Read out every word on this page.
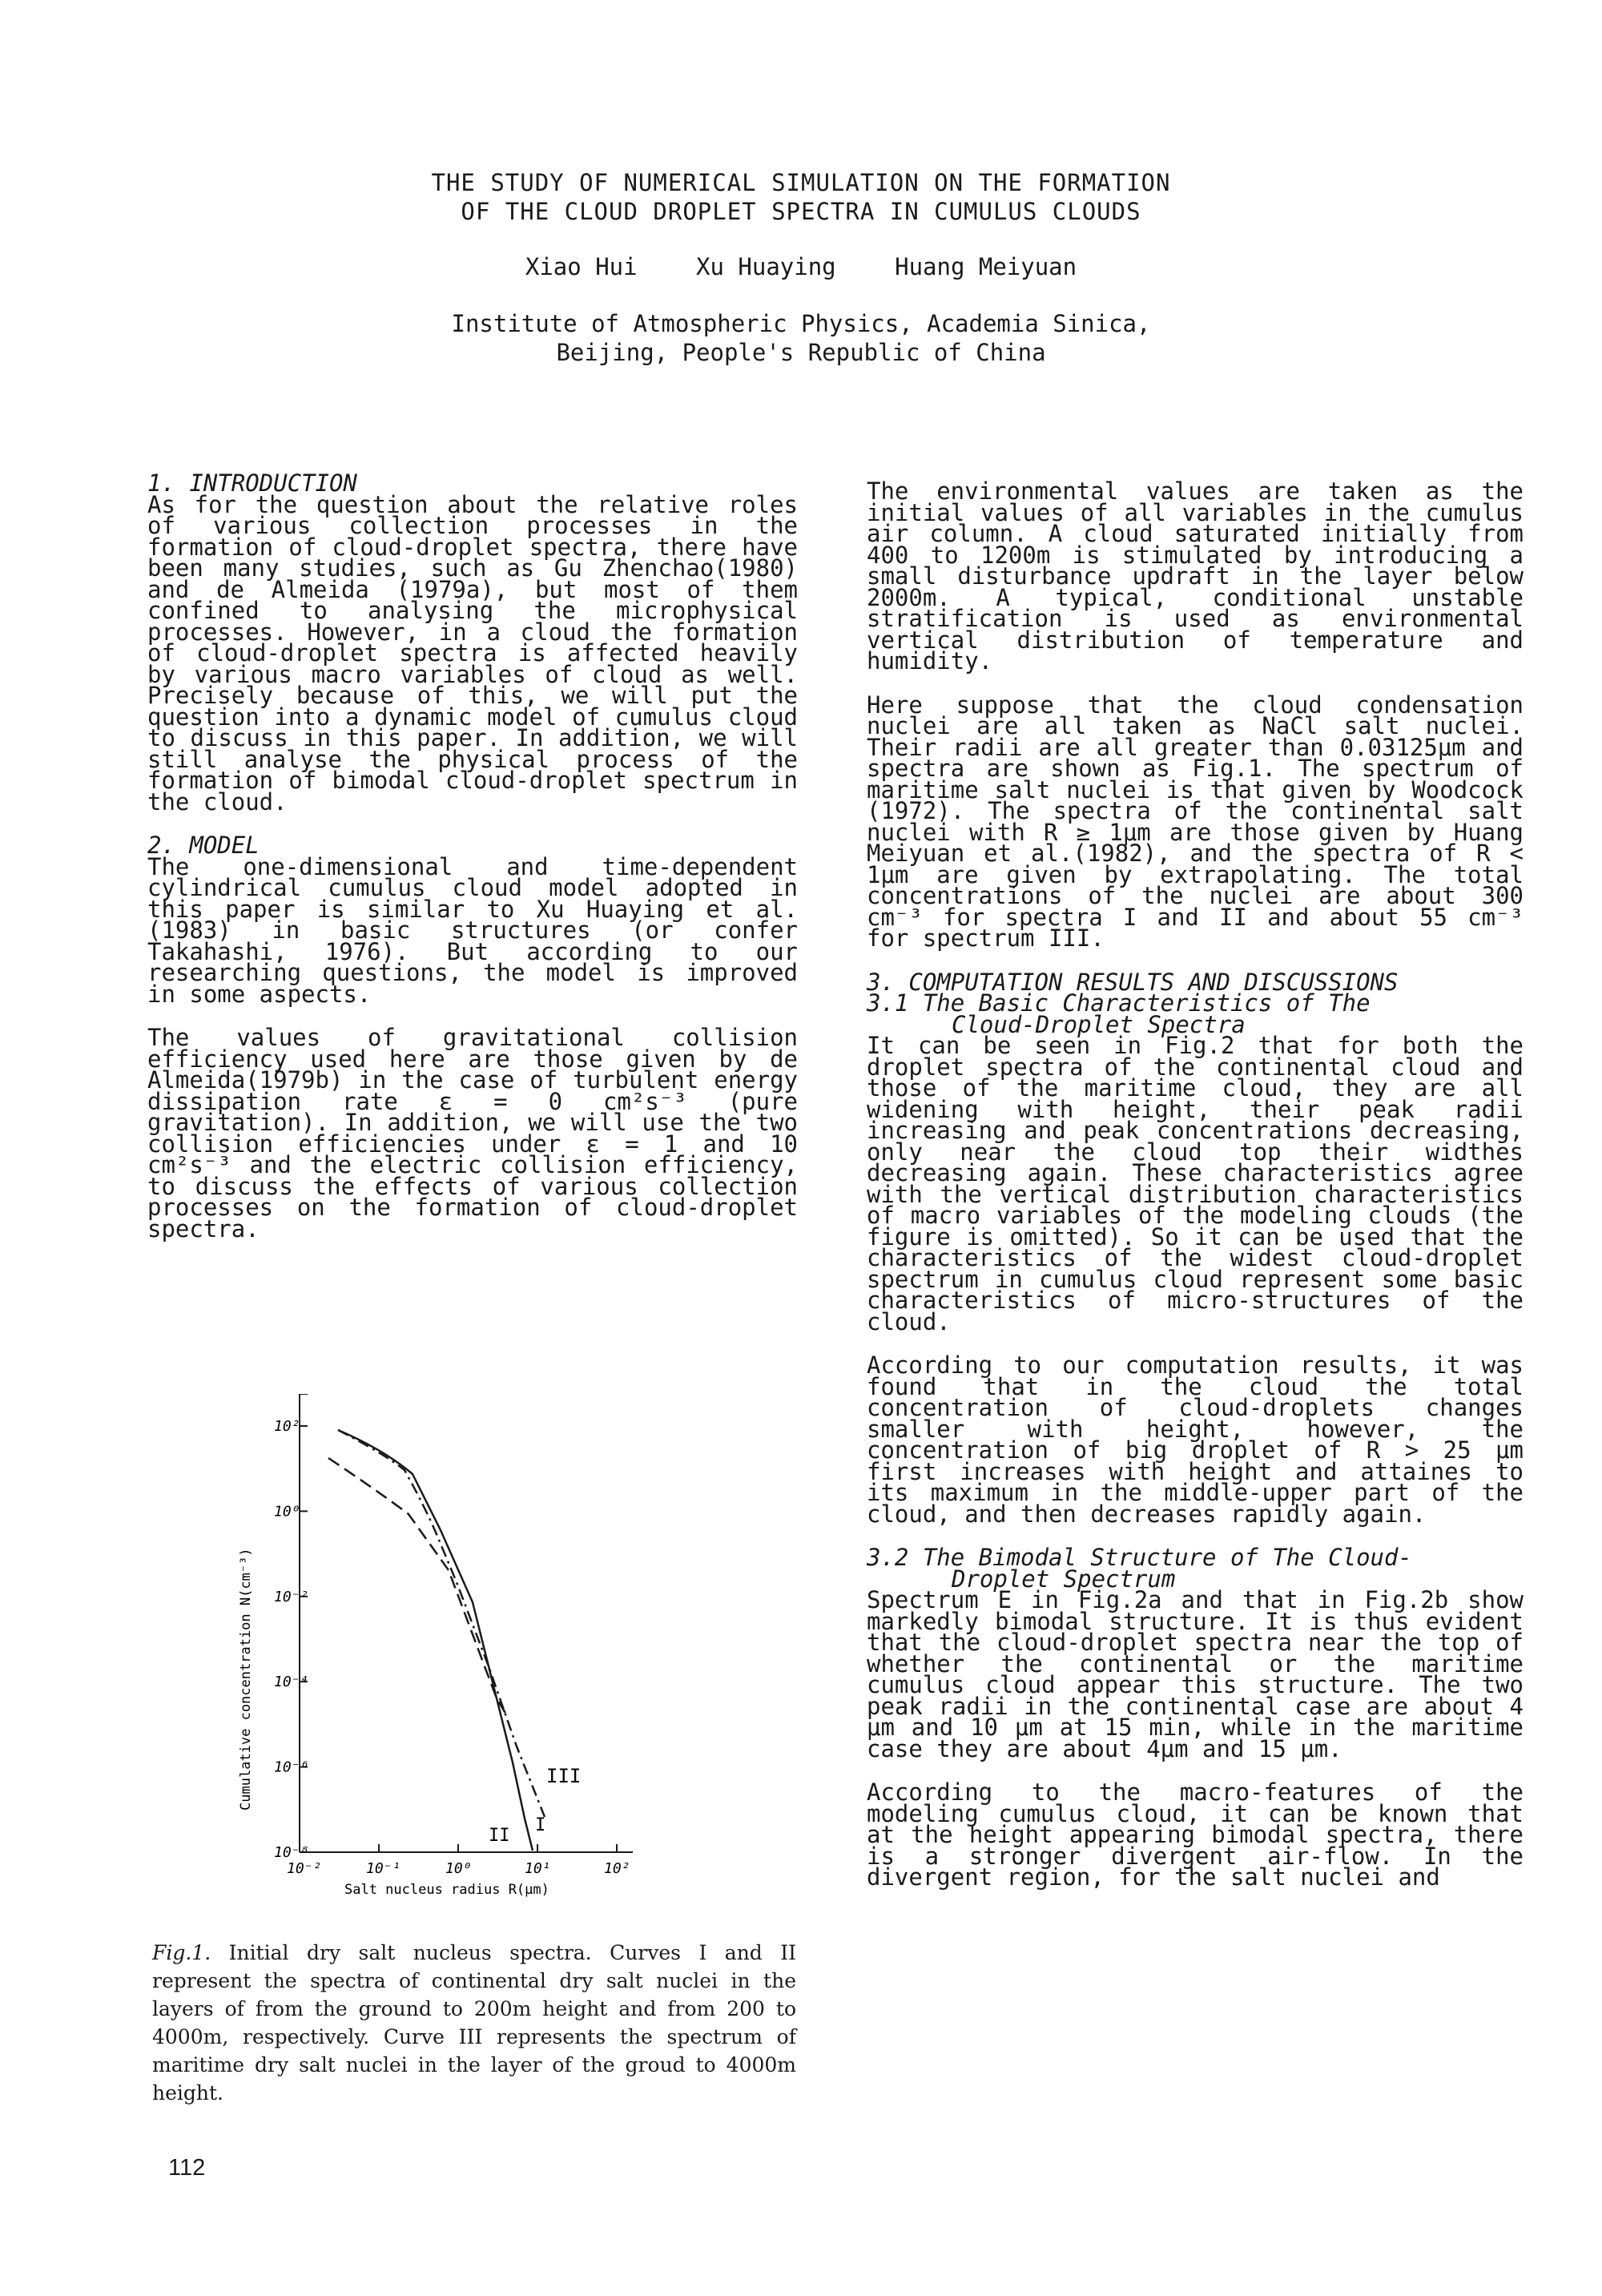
THE STUDY OF NUMERICAL SIMULATION ON THE FORMATION
OF THE CLOUD DROPLET SPECTRA IN CUMULUS CLOUDS
Xiao Hui	Xu Huaying	Huang Meiyuan
Institute of Atmospheric Physics, Academia Sinica,
Beijing, People's Republic of China

1. INTRODUCTION

As for the question about the relative roles of various collection processes in the formation of cloud-droplet spectra, there have been many studies, such as Gu Zhenchao(1980) and de Almeida (1979a), but most of them confined to analysing the microphysical processes. However, in a cloud the formation of cloud-droplet spectra is affected heavily by various macro variables of cloud as well. Precisely because of this, we will put the question into a dynamic model of cumulus cloud to discuss in this paper. In addition, we will still analyse the physical process of the formation of bimodal cloud-droplet spectrum in the cloud.

2. MODEL

The one-dimensional and time-dependent cylindrical cumulus cloud model adopted in this paper is similar to Xu Huaying et al.(1983) in basic structures (or confer Takahashi, 1976). But according to our researching questions, the model is improved in some aspects.

The values of gravitational collision efficiency used here are those given by de Almeida(1979b) in the case of turbulent energy dissipation rate ε = 0 cm²s⁻³ (pure gravitation). In addition, we will use the two collision efficiencies under ε = 1 and 10 cm²s⁻³ and the electric collision efficiency, to discuss the effects of various collection processes on the formation of cloud-droplet spectra.

10²
10⁰
10⁻²
10⁻⁴
10⁻⁶
10⁻⁸
10⁻²	10⁻¹	10⁰	10¹	10²
III
I
II
Cumulative concentration N(cm⁻³)
Salt nucleus radius R(μm)
Fig.1. Initial dry salt nucleus spectra. Curves I and II represent the spectra of continental dry salt nuclei in the layers of from the ground to 200m height and from 200 to 4000m, respectively. Curve III represents the spectrum of maritime dry salt nuclei in the layer of the groud to 4000m height.

The environmental values are taken as the initial values of all variables in the cumulus air column. A cloud saturated initially from 400 to 1200m is stimulated by introducing a small disturbance updraft in the layer below 2000m. A typical, conditional unstable stratification is used as environmental vertical distribution of temperature and humidity.

Here suppose that the cloud condensation nuclei are all taken as NaCl salt nuclei. Their radii are all greater than 0.03125μm and spectra are shown as Fig.1. The spectrum of maritime salt nuclei is that given by Woodcock (1972). The spectra of the continental salt nuclei with R ≥ 1μm are those given by Huang Meiyuan et al.(1982), and the spectra of R < 1μm are given by extrapolating. The total concentrations of the nuclei are about 300 cm⁻³ for spectra I and II and about 55 cm⁻³ for spectrum III.

3. COMPUTATION RESULTS AND DISCUSSIONS

3.1 The Basic Characteristics of The

Cloud-Droplet Spectra

It can be seen in Fig.2 that for both the droplet spectra of the continental cloud and those of the maritime cloud, they are all widening with height, their peak radii increasing and peak concentrations decreasing, only near the cloud top their widthes decreasing again. These characteristics agree with the vertical distribution characteristics of macro variables of the modeling clouds (the figure is omitted). So it can be used that the characteristics of the widest cloud-droplet spectrum in cumulus cloud represent some basic characteristics of micro-structures of the cloud.

According to our computation results, it was found that in the cloud the total concentration of cloud-droplets changes smaller with height, however, the concentration of big droplet of R > 25 μm first increases with height and attaines to its maximum in the middle-upper part of the cloud, and then decreases rapidly again.

3.2 The Bimodal Structure of The Cloud-

Droplet Spectrum

Spectrum E in Fig.2a and that in Fig.2b show markedly bimodal structure. It is thus evident that the cloud-droplet spectra near the top of whether the continental or the maritime cumulus cloud appear this structure. The two peak radii in the continental case are about 4 μm and 10 μm at 15 min, while in the maritime case they are about 4μm and 15 μm.

According to the macro-features of the modeling cumulus cloud, it can be known that at the height appearing bimodal spectra, there is a stronger divergent air-flow. In the divergent region, for the salt nuclei and

112
